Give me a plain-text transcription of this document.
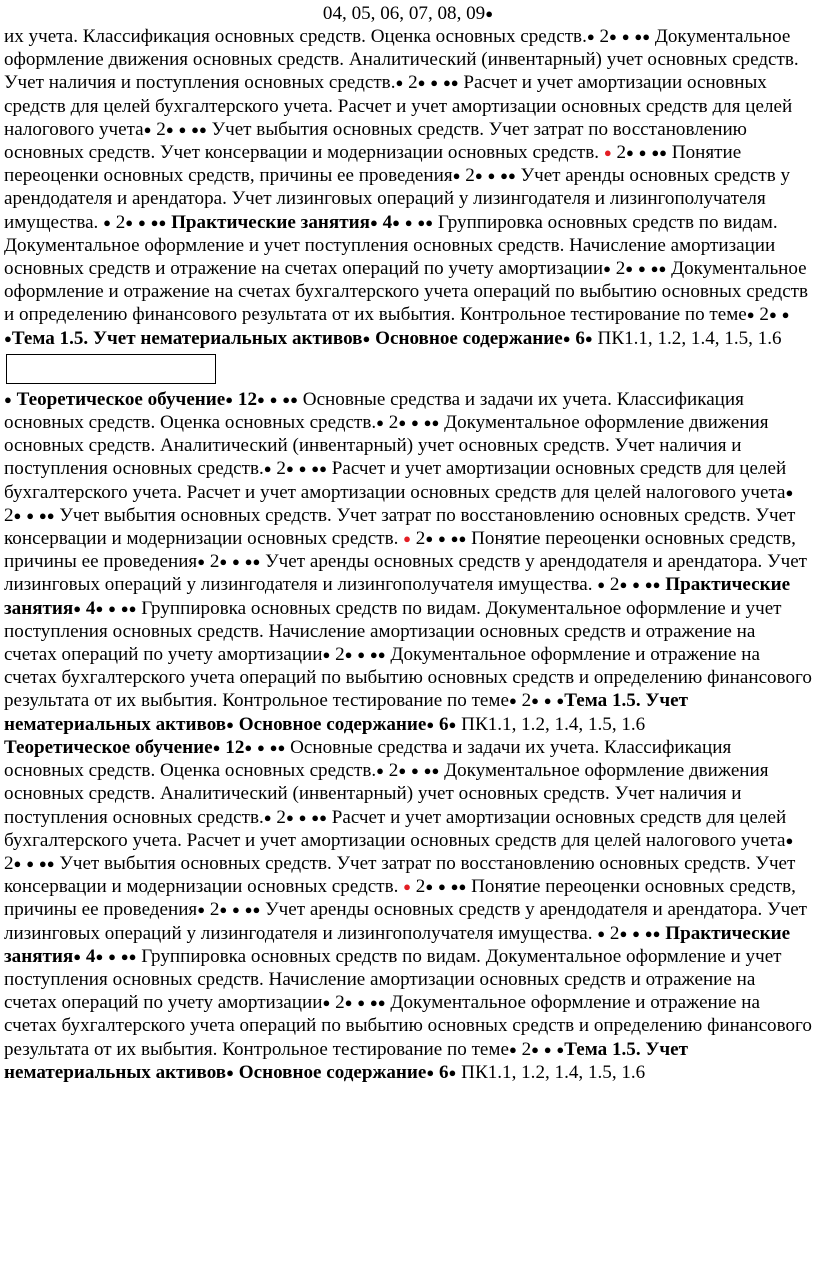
04, 05, 06, 07, 08, 09●

их учета. Классификация основных средств. Оценка основных средств.● 2● ● ●● Документальное оформление движения основных средств. Аналитический (инвентарный) учет основных средств. Учет наличия и поступления основных средств.● 2● ● ●● Расчет и учет амортизации основных средств для целей бухгалтерского учета. Расчет и учет амортизации основных средств для целей налогового учета● 2● ● ●● Учет выбытия основных средств. Учет затрат по восстановлению основных средств. Учет консервации и модернизации основных средств. ● 2● ● ●● Понятие переоценки основных средств, причины ее проведения● 2● ● ●● Учет аренды основных средств у арендодателя и арендатора. Учет лизинговых операций у лизингодателя и лизингополучателя имущества. ● 2● ● ●● Практические занятия● 4● ● ●● Группировка основных средств по видам. Документальное оформление и учет поступления основных средств. Начисление амортизации основных средств и отражение на счетах операций по учету амортизации● 2● ● ●● Документальное оформление и отражение на счетах бухгалтерского учета операций по выбытию основных средств и определению финансового результата от их выбытия. Контрольное тестирование по теме● 2● ● ●Тема 1.5. Учет нематериальных активов● Основное содержание● 6● ПК1.1, 1.2, 1.4, 1.5, 1.6

● Теоретическое обучение● 12● ● ●● Основные средства и задачи их учета. Классификация основных средств. Оценка основных средств.● 2● ● ●● Документальное оформление движения основных средств. Аналитический (инвентарный) учет основных средств. Учет наличия и поступления основных средств.● 2● ● ●● Расчет и учет амортизации основных средств для целей бухгалтерского учета. Расчет и учет амортизации основных средств для целей налогового учета● 2● ● ●● Учет выбытия основных средств. Учет затрат по восстановлению основных средств. Учет консервации и модернизации основных средств. ● 2● ● ●● Понятие переоценки основных средств, причины ее проведения● 2● ● ●● Учет аренды основных средств у арендодателя и арендатора. Учет лизинговых операций у лизингодателя и лизингополучателя имущества. ● 2● ● ●● Практические занятия● 4● ● ●● Группировка основных средств по видам. Документальное оформление и учет поступления основных средств. Начисление амортизации основных средств и отражение на счетах операций по учету амортизации● 2● ● ●● Документальное оформление и отражение на счетах бухгалтерского учета операций по выбытию основных средств и определению финансового результата от их выбытия. Контрольное тестирование по теме● 2● ● ●Тема 1.5. Учет нематериальных активов● Основное содержание● 6● ПК1.1, 1.2, 1.4, 1.5, 1.6

Теоретическое обучение● 12● ● ●● Основные средства и задачи их учета. Классификация основных средств. Оценка основных средств.● 2● ● ●● Документальное оформление движения основных средств. Аналитический (инвентарный) учет основных средств. Учет наличия и поступления основных средств.● 2● ● ●● Расчет и учет амортизации основных средств для целей бухгалтерского учета. Расчет и учет амортизации основных средств для целей налогового учета● 2● ● ●● Учет выбытия основных средств. Учет затрат по восстановлению основных средств. Учет консервации и модернизации основных средств. ● 2● ● ●● Понятие переоценки основных средств, причины ее проведения● 2● ● ●● Учет аренды основных средств у арендодателя и арендатора. Учет лизинговых операций у лизингодателя и лизингополучателя имущества. ● 2● ● ●● Практические занятия● 4● ● ●● Группировка основных средств по видам. Документальное оформление и учет поступления основных средств. Начисление амортизации основных средств и отражение на счетах операций по учету амортизации● 2● ● ●● Документальное оформление и отражение на счетах бухгалтерского учета операций по выбытию основных средств и определению финансового результата от их выбытия. Контрольное тестирование по теме● 2● ● ●Тема 1.5. Учет нематериальных активов● Основное содержание● 6● ПК1.1, 1.2, 1.4, 1.5, 1.6
